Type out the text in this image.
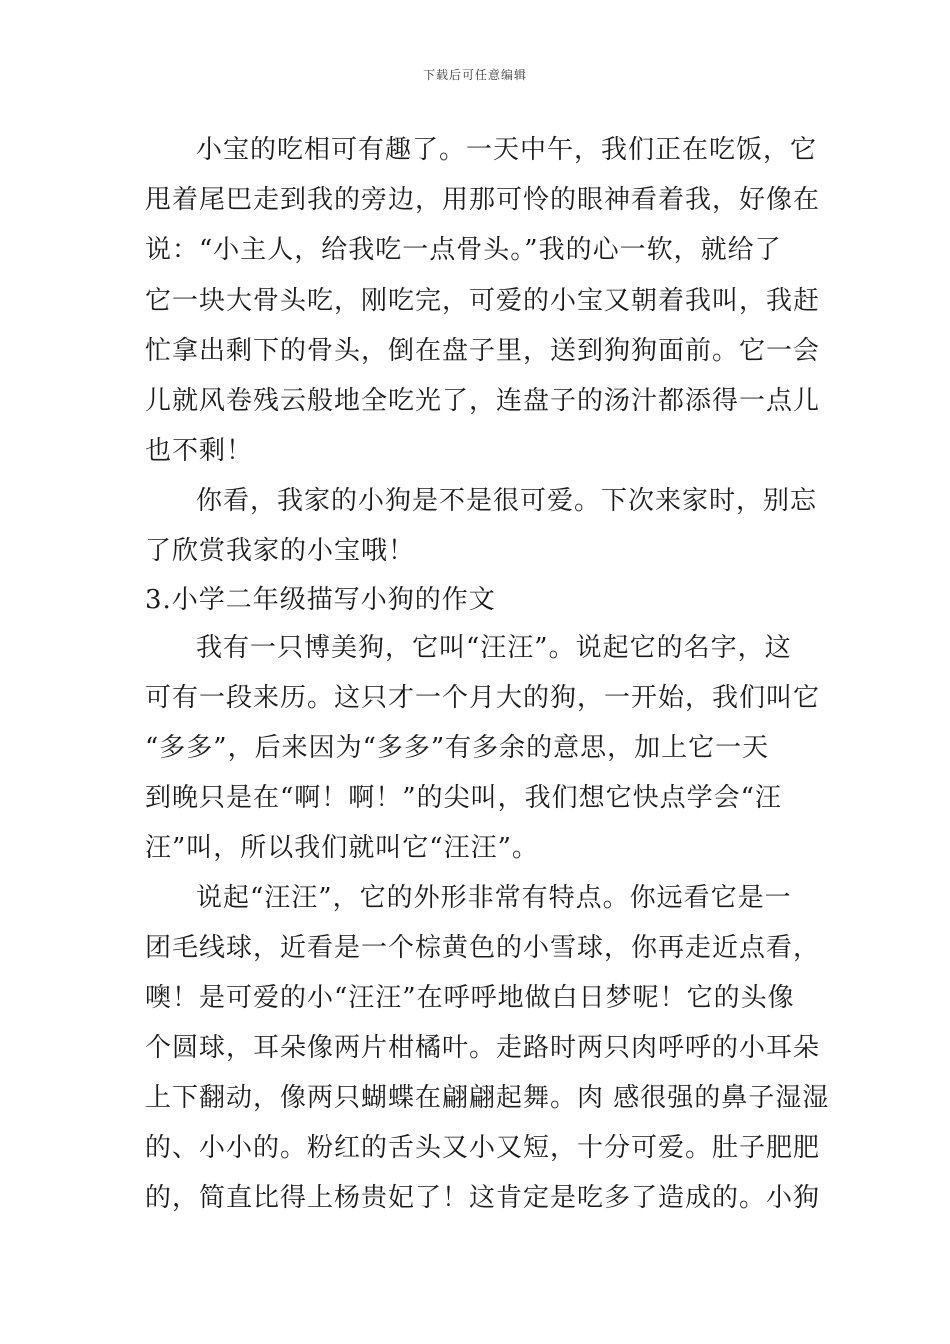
下载后可任意编辑
小宝的吃相可有趣了。一天中午，我们正在吃饭，它
甩着尾巴走到我的旁边，用那可怜的眼神看着我，好像在
说：“小主人，给我吃一点骨头。”我的心一软，就给了
它一块大骨头吃，刚吃完，可爱的小宝又朝着我叫，我赶
忙拿出剩下的骨头，倒在盘子里，送到狗狗面前。它一会
儿就风卷残云般地全吃光了，连盘子的汤汁都添得一点儿
也不剩！
你看，我家的小狗是不是很可爱。下次来家时，别忘
了欣赏我家的小宝哦！
3.小学二年级描写小狗的作文
我有一只博美狗，它叫“汪汪”。说起它的名字，这
可有一段来历。这只才一个月大的狗，一开始，我们叫它
“多多”，后来因为“多多”有多余的意思，加上它一天
到晚只是在“啊！啊！”的尖叫，我们想它快点学会“汪
汪”叫，所以我们就叫它“汪汪”。
说起“汪汪”，它的外形非常有特点。你远看它是一
团毛线球，近看是一个棕黄色的小雪球，你再走近点看，
噢！是可爱的小“汪汪”在呼呼地做白日梦呢！它的头像
个圆球，耳朵像两片柑橘叶。走路时两只肉呼呼的小耳朵
上下翻动，像两只蝴蝶在翩翩起舞。肉 感很强的鼻子湿湿
的、小小的。粉红的舌头又小又短，十分可爱。肚子肥肥
的，简直比得上杨贵妃了！这肯定是吃多了造成的。小狗
